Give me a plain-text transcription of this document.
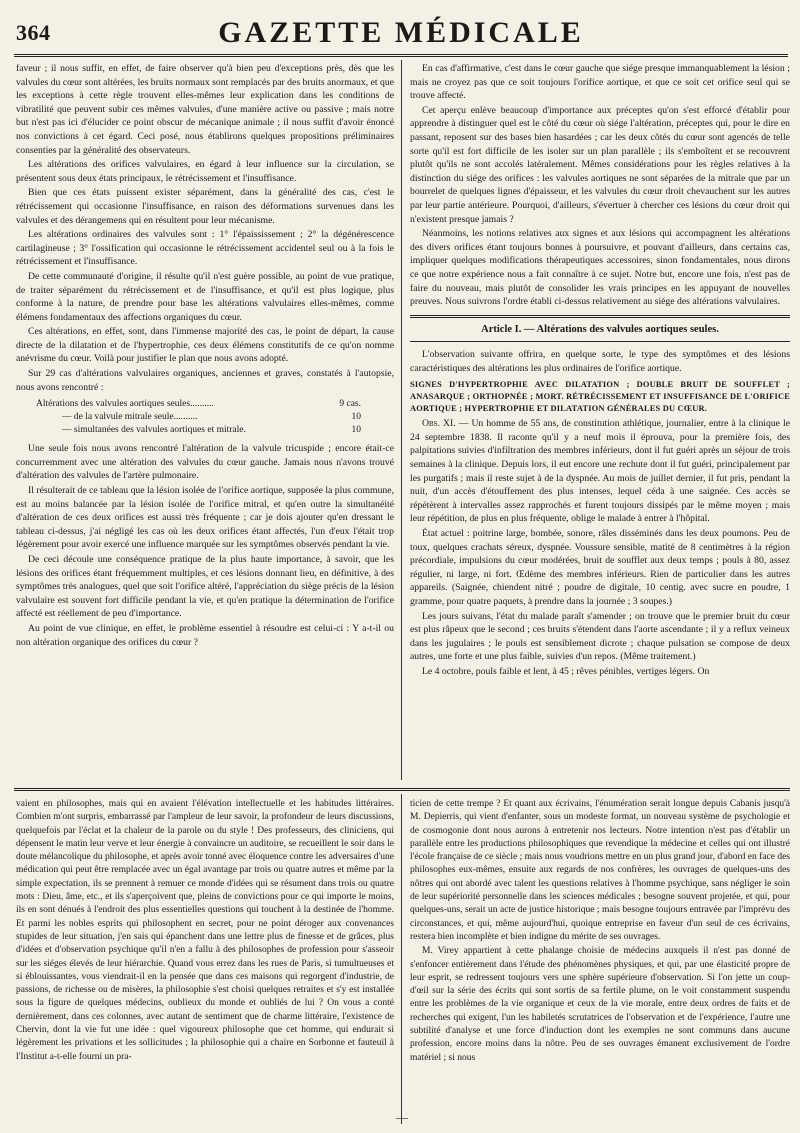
364	GAZETTE MÉDICALE

faveur ; il nous suffit, en effet, de faire observer qu'à bien peu d'exceptions près, dès que les valvules du cœur sont altérées, les bruits normaux sont remplacés par des bruits anormaux, et que les exceptions à cette règle trouvent elles-mêmes leur explication dans les conditions de vibratilité que peuvent subir ces mêmes valvules, d'une manière active ou passive ; mais notre but n'est pas ici d'élucider ce point obscur de mécanique animale ; il nous suffit d'avoir énoncé nos convictions à cet égard. Ceci posé, nous établirons quelques propositions préliminaires consenties par la généralité des observateurs.

Les altérations des orifices valvulaires, en égard à leur influence sur la circulation, se présentent sous deux états principaux, le rétrécissement et l'insuffisance.

Bien que ces états puissent exister séparément, dans la généralité des cas, c'est le rétrécissement qui occasionne l'insuffisance, en raison des déformations survenues dans les valvules et des dérangemens qui en résultent pour leur mécanisme.

Les altérations ordinaires des valvules sont : 1° l'épaississement ; 2° la dégénérescence cartilagineuse ; 3° l'ossification qui occasionne le rétrécissement accidentel seul ou à la fois le rétrécissement et l'insuffisance.

De cette communauté d'origine, il résulte qu'il n'est guère possible, au point de vue pratique, de traiter séparément du rétrécissement et de l'insuffisance, et qu'il est plus logique, plus conforme à la nature, de prendre pour base les altérations valvulaires elles-mêmes, comme élémens fondamentaux des affections organiques du cœur.

Ces altérations, en effet, sont, dans l'immense majorité des cas, le point de départ, la cause directe de la dilatation et de l'hypertrophie, ces deux élémens constitutifs de ce qu'on nomme anévrisme du cœur. Voilà pour justifier le plan que nous avons adopté.

Sur 29 cas d'altérations valvulaires organiques, anciennes et graves, constatés à l'autopsie, nous avons rencontré :

Altérations des valvules aortiques seules..........	9 cas.
— de la valvule mitrale seule..........	10
— simultanées des valvules aortiques et mitrale.	10

Une seule fois nous avons rencontré l'altération de la valvule tricuspide ; encore était-ce concurremment avec une altération des valvules du cœur gauche. Jamais nous n'avons trouvé d'altération des valvules de l'artère pulmonaire.

Il résulterait de ce tableau que la lésion isolée de l'orifice aortique, supposée la plus commune, est au moins balancée par la lésion isolée de l'orifice mitral, et qu'en outre la simultanéité d'altération de ces deux orifices est aussi très fréquente ; car je dois ajouter qu'en dressant le tableau ci-dessus, j'ai négligé les cas où les deux orifices étant affectés, l'un d'eux l'était trop légèrement pour avoir exercé une influence marquée sur les symptômes observés pendant la vie.

De ceci découle une conséquence pratique de la plus haute importance, à savoir, que les lésions des orifices étant fréquemment multiples, et ces lésions donnant lieu, en définitive, à des symptômes très analogues, quel que soit l'orifice altéré, l'appréciation du siège précis de la lésion valvulaire est souvent fort difficile pendant la vie, et qu'en pratique la détermination de l'orifice affecté est réellement de peu d'importance.

Au point de vue clinique, en effet, le problème essentiel à résoudre est celui-ci : Y a-t-il ou non altération organique des orifices du cœur ?

En cas d'affirmative, c'est dans le cœur gauche que siége presque immanquablement la lésion ; mais ne croyez pas que ce soit toujours l'orifice aortique, et que ce soit cet orifice seul qui se trouve affecté.

Cet aperçu enlève beaucoup d'importance aux préceptes qu'on s'est efforcé d'établir pour apprendre à distinguer quel est le côté du cœur où siége l'altération, préceptes qui, pour le dire en passant, reposent sur des bases bien hasardées ; car les deux côtés du cœur sont agencés de telle sorte qu'il est fort difficile de les isoler sur un plan parallèle ; ils s'emboîtent et se recouvrent plutôt qu'ils ne sont accolés latéralement. Mêmes considérations pour les règles relatives à la distinction du siége des orifices : les valvules aortiques ne sont séparées de la mitrale que par un bourrelet de quelques lignes d'épaisseur, et les valvules du cœur droit chevauchent sur les autres par leur partie antérieure. Pourquoi, d'ailleurs, s'évertuer à chercher ces lésions du cœur droit qui n'existent presque jamais ?

Néanmoins, les notions relatives aux signes et aux lésions qui accompagnent les altérations des divers orifices étant toujours bonnes à poursuivre, et pouvant d'ailleurs, dans certains cas, impliquer quelques modifications thérapeutiques accessoires, sinon fondamentales, nous dirons ce que notre expérience nous a fait connaître à ce sujet. Notre but, encore une fois, n'est pas de faire du nouveau, mais plutôt de consolider les vrais principes en les appuyant de nouvelles preuves. Nous suivrons l'ordre établi ci-dessus relativement au siége des altérations valvulaires.

Article I. — Altérations des valvules aortiques seules.

L'observation suivante offrira, en quelque sorte, le type des symptômes et des lésions caractéristiques des altérations les plus ordinaires de l'orifice aortique.

SIGNES D'HYPERTROPHIE AVEC DILATATION ; DOUBLE BRUIT DE SOUFFLET ; ANASARQUE ; ORTHOPNÉE ; MORT. RÉTRÉCISSEMENT ET INSUFFISANCE DE L'ORIFICE AORTIQUE ; HYPERTROPHIE ET DILATATION GÉNÉRALES DU CŒUR.

Obs. XI. — Un homme de 55 ans, de constitution athlétique, journalier, entre à la clinique le 24 septembre 1838. Il raconte qu'il y a neuf mois il éprouva, pour la première fois, des palpitations suivies d'infiltration des membres inférieurs, dont il fut guéri après un séjour de trois semaines à la clinique. Depuis lors, il eut encore une rechute dont il fut guéri, principalement par les purgatifs ; mais il reste sujet à de la dyspnée. Au mois de juillet dernier, il fut pris, pendant la nuit, d'un accès d'étouffement des plus intenses, lequel céda à une saignée. Ces accès se répétèrent à intervalles assez rapprochés et furent toujours dissipés par le même moyen ; mais leur répétition, de plus en plus fréquente, oblige le malade à entrer à l'hôpital.

État actuel : poitrine large, bombée, sonore, râles disséminés dans les deux poumons. Peu de toux, quelques crachats séreux, dyspnée. Voussure sensible, matité de 8 centimètres à la région précordiale, impulsions du cœur modérées, bruit de soufflet aux deux temps ; pouls à 80, assez régulier, ni large, ni fort. Œdème des membres inférieurs. Rien de particulier dans les autres appareils. (Saignée, chiendent nitré ; poudre de digitale, 10 centig. avec sucre en poudre, 1 gramme, pour quatre paquets, à prendre dans la journée ; 3 soupes.)

Les jours suivans, l'état du malade paraît s'amender ; on trouve que le premier bruit du cœur est plus râpeux que le second ; ces bruits s'étendent dans l'aorte ascendante ; il y a reflux veineux dans les jugulaires ; le pouls est sensiblement dicrote ; chaque pulsation se compose de deux autres, une forte et une plus faible, suivies d'un repos. (Même traitement.)

Le 4 octobre, pouls faible et lent, à 45 ; rêves pénibles, vertiges légers. On

vaient en philosophes, mais qui en avaient l'élévation intellectuelle et les habitudes littéraires. Combien m'ont surpris, embarrassé par l'ampleur de leur savoir, la profondeur de leurs discussions, quelquefois par l'éclat et la chaleur de la parole ou du style ! Des professeurs, des cliniciens, qui dépensent le matin leur verve et leur énergie à convaincre un auditoire, se recueillent le soir dans le doute mélancolique du philosophe, et après avoir tonné avec éloquence contre les adversaires d'une médication qui peut être remplacée avec un égal avantage par trois ou quatre autres et même par la simple expectation, ils se prennent à remuer ce monde d'idées qui se résument dans trois ou quatre mots : Dieu, âme, etc., et ils s'aperçoivent que, pleins de convictions pour ce qui importe le moins, ils en sont dénués à l'endroit des plus essentielles questions qui touchent à la destinée de l'homme. Et parmi les nobles esprits qui philosophent en secret, pour ne point déroger aux convenances stupides de leur situation, j'en sais qui épanchent dans une lettre plus de finesse et de grâces, plus d'idées et d'observation psychique qu'il n'en a fallu à des philosophes de profession pour s'asseoir sur les siéges élevés de leur hiérarchie. Quand vous errez dans les rues de Paris, si tumultueuses et si éblouissantes, vous viendrait-il en la pensée que dans ces maisons qui regorgent d'industrie, de passions, de richesse ou de misères, la philosophie s'est choisi quelques retraites et s'y est installée sous la figure de quelques médecins, oublieux du monde et oubliés de lui ? On vous a conté dernièrement, dans ces colonnes, avec autant de sentiment que de charme littéraire, l'existence de Chervin, dont la vie fut une idée : quel vigoureux philosophe que cet homme, qui endurait si légèrement les privations et les sollicitudes ; la philosophie qui a chaire en Sorbonne et fauteuil à l'Institut a-t-elle fourni un pra-

ticien de cette trempe ? Et quant aux écrivains, l'énumération serait longue depuis Cabanis jusqu'à M. Depierris, qui vient d'enfanter, sous un modeste format, un nouveau système de psychologie et de cosmogonie dont nous aurons à entretenir nos lecteurs. Notre intention n'est pas d'établir un parallèle entre les productions philosophiques que revendique la médecine et celles qui ont illustré l'école française de ce siècle ; mais nous voudrions mettre en un plus grand jour, d'abord en face des philosophes eux-mêmes, ensuite aux regards de nos confrères, les ouvrages de quelques-uns des nôtres qui ont abordé avec talent les questions relatives à l'homme psychique, sans négliger le soin de leur supériorité personnelle dans les sciences médicales ; besogne souvent projetée, et qui, pour quelques-uns, serait un acte de justice historique ; mais besogne toujours entravée par l'imprévu des circonstances, et qui, même aujourd'hui, quoique entreprise en faveur d'un seul de ces écrivains, restera bien incomplète et bien indigne du mérite de ses ouvrages.

M. Virey appartient à cette phalange choisie de médecins auxquels il n'est pas donné de s'enfoncer entièrement dans l'étude des phénomènes physiques, et qui, par une élasticité propre de leur esprit, se redressent toujours vers une sphère supérieure d'observation. Si l'on jette un coup-d'œil sur la série des écrits qui sont sortis de sa fertile plume, on le voit constamment suspendu entre les problèmes de la vie organique et ceux de la vie morale, entre deux ordres de faits et de recherches qui exigent, l'un les habiletés scrutatrices de l'observation et de l'expérience, l'autre une subtilité d'analyse et une force d'induction dont les exemples ne sont communs dans aucune profession, encore moins dans la nôtre. Peu de ses ouvrages émanent exclusivement de l'ordre matériel ; si nous

—
